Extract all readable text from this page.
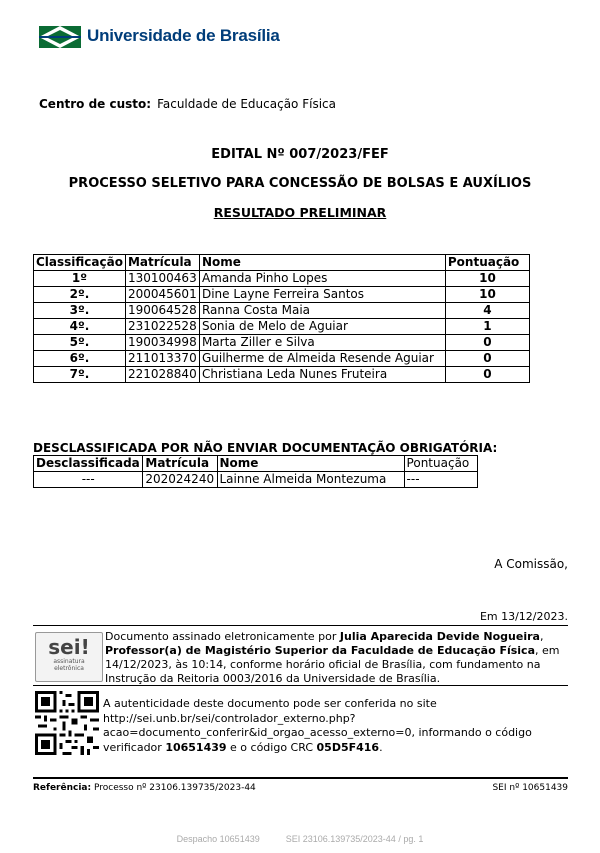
Universidade de Brasília
Centro de custo: Faculdade de Educação Física
EDITAL Nº 007/2023/FEF
PROCESSO SELETIVO PARA CONCESSÃO DE BOLSAS E AUXÍLIOS
RESULTADO PRELIMINAR
Classificação	Matrícula	Nome	Pontuação
1º	130100463	Amanda Pinho Lopes	10
2º.	200045601	Dine Layne Ferreira Santos	10
3º.	190064528	Ranna Costa Maia	4
4º.	231022528	Sonia de Melo de Aguiar	1
5º.	190034998	Marta Ziller e Silva	0
6º.	211013370	Guilherme de Almeida Resende Aguiar	0
7º.	221028840	Christiana Leda Nunes Fruteira	0
DESCLASSIFICADA POR NÃO ENVIAR DOCUMENTAÇÃO OBRIGATÓRIA:
Desclassificada	Matrícula	Nome	Pontuação
---	202024240	Lainne Almeida Montezuma	---
A Comissão,
Em 13/12/2023.
sei!
assinatura
eletrônica
Documento assinado eletronicamente por Julia Aparecida Devide Nogueira, Professor(a) de Magistério Superior da Faculdade de Educação Física, em 14/12/2023, às 10:14, conforme horário oficial de Brasília, com fundamento na Instrução da Reitoria 0003/2016 da Universidade de Brasília.
A autenticidade deste documento pode ser conferida no site http://sei.unb.br/sei/controlador_externo.php?acao=documento_conferir&id_orgao_acesso_externo=0, informando o código verificador 10651439 e o código CRC 05D5F416.
Referência: Processo nº 23106.139735/2023-44	SEI nº 10651439
Despacho 10651439	SEI 23106.139735/2023-44 / pg. 1
